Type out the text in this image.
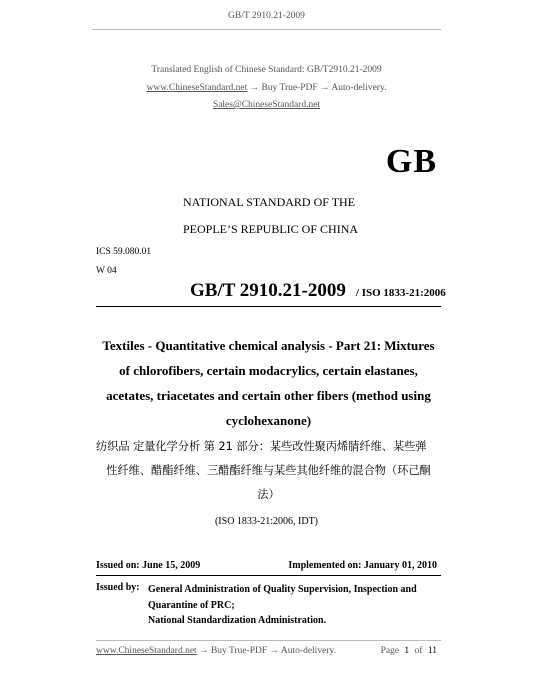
GB/T 2910.21-2009
Translated English of Chinese Standard: GB/T2910.21-2009
www.ChineseStandard.net → Buy True-PDF → Auto-delivery.
Sales@ChineseStandard.net
GB
NATIONAL STANDARD OF THE
PEOPLE’S REPUBLIC OF CHINA
ICS 59.080.01
W 04
GB/T 2910.21-2009 / ISO 1833-21:2006
Textiles - Quantitative chemical analysis - Part 21: Mixtures
of chlorofibers, certain modacrylics, certain elastanes,
acetates, triacetates and certain other fibers (method using
cyclohexanone)
纺织品 定量化学分析 第 21 部分：某些改性聚丙烯腈纤维、某些弹
性纤维、醋酯纤维、三醋酯纤维与某些其他纤维的混合物（环己酮
法）
(ISO 1833-21:2006, IDT)
Issued on: June 15, 2009	Implemented on: January 01, 2010
Issued by: General Administration of Quality Supervision, Inspection and
Quarantine of PRC;
National Standardization Administration.
www.ChineseStandard.net → Buy True-PDF → Auto-delivery.	Page 1 of 11
